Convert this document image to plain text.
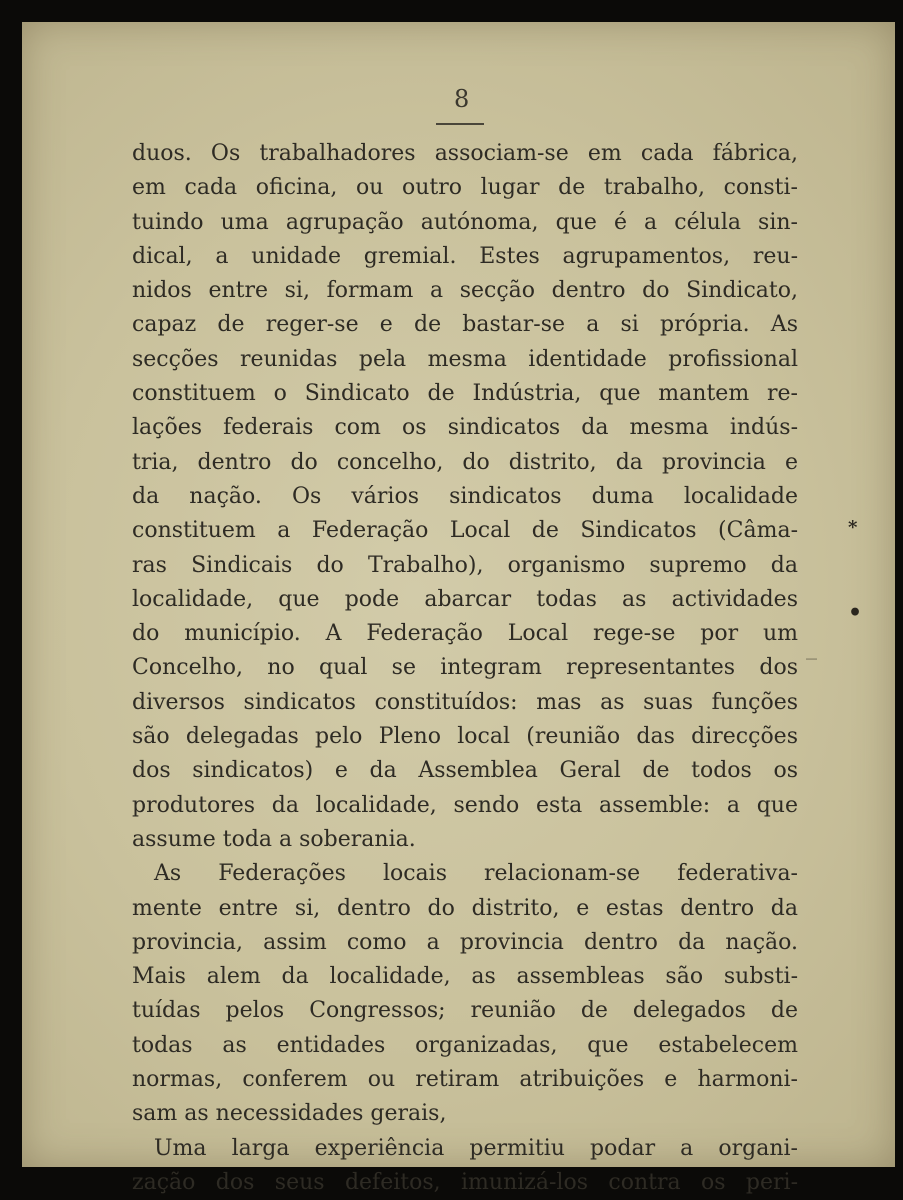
8
duos. Os trabalhadores associam-se em cada fábrica,
em cada oficina, ou outro lugar de trabalho, consti-
tuindo uma agrupação autónoma, que é a célula sin-
dical, a unidade gremial. Estes agrupamentos, reu-
nidos entre si, formam a secção dentro do Sindicato,
capaz de reger-se e de bastar-se a si própria. As
secções reunidas pela mesma identidade profissional
constituem o Sindicato de Indústria, que mantem re-
lações federais com os sindicatos da mesma indús-
tria, dentro do concelho, do distrito, da provincia e
da nação. Os vários sindicatos duma localidade
constituem a Federação Local de Sindicatos (Câma-
ras Sindicais do Trabalho), organismo supremo da
localidade, que pode abarcar todas as actividades
do município. A Federação Local rege-se por um
Concelho, no qual se integram representantes dos
diversos sindicatos constituídos: mas as suas funções
são delegadas pelo Pleno local (reunião das direcções
dos sindicatos) e da Assemblea Geral de todos os
produtores da localidade, sendo esta assemble: a que
assume toda a soberania.
As Federações locais relacionam-se federativa-
mente entre si, dentro do distrito, e estas dentro da
provincia, assim como a provincia dentro da nação.
Mais alem da localidade, as assembleas são substi-
tuídas pelos Congressos; reunião de delegados de
todas as entidades organizadas, que estabelecem
normas, conferem ou retiram atribuições e harmoni-
sam as necessidades gerais,
Uma larga experiência permitiu podar a organi-
zação dos seus defeitos, imunizá-los contra os peri-
*
•
_
